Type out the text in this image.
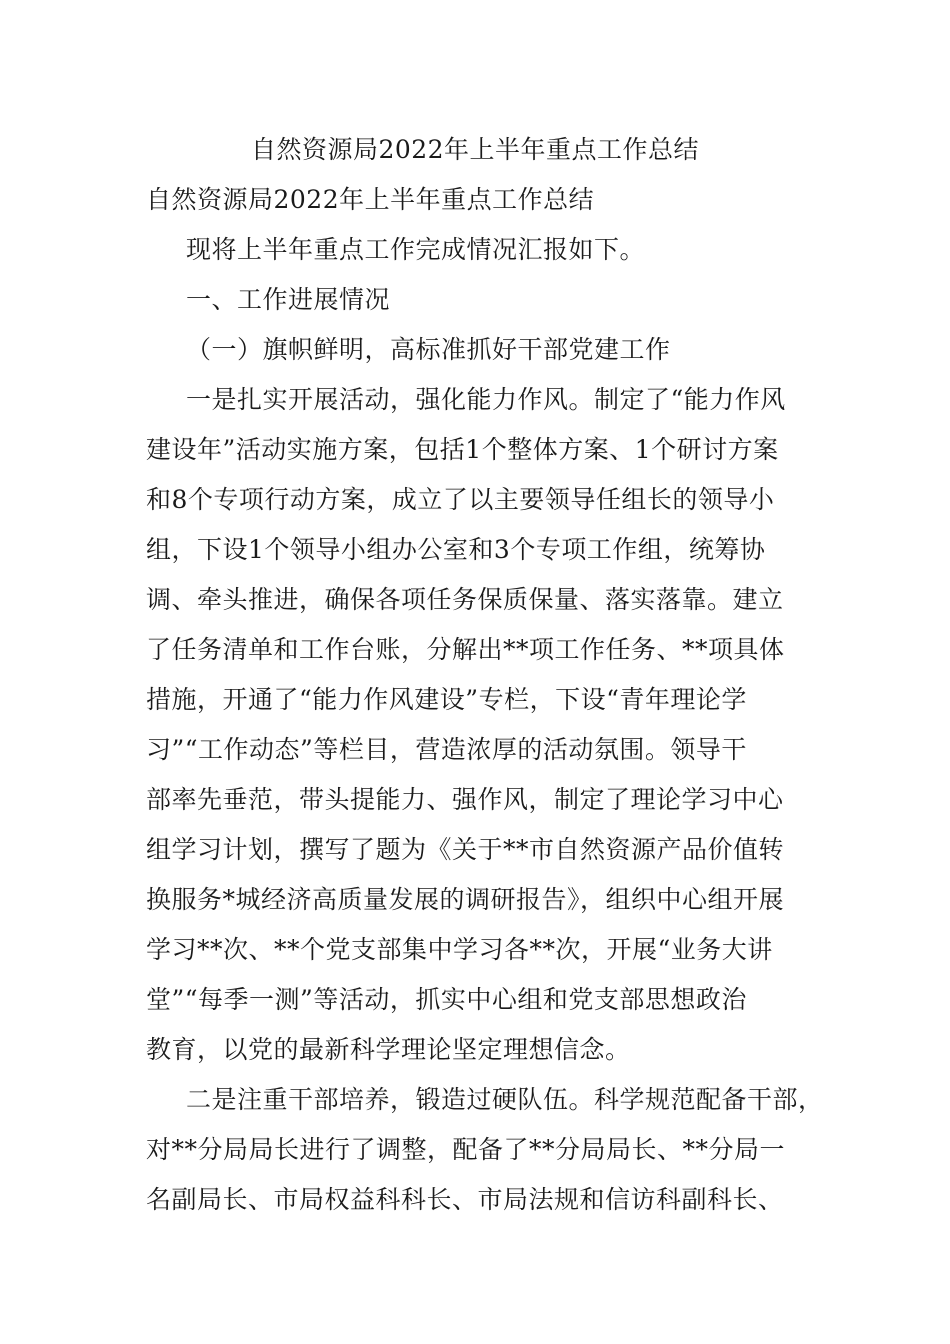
自然资源局2022年上半年重点工作总结
自然资源局2022年上半年重点工作总结
现将上半年重点工作完成情况汇报如下。
一、工作进展情况
（一）旗帜鲜明，高标准抓好干部党建工作
一是扎实开展活动，强化能力作风。制定了“能力作风
建设年”活动实施方案，包括1个整体方案、1个研讨方案
和8个专项行动方案，成立了以主要领导任组长的领导小
组，下设1个领导小组办公室和3个专项工作组，统筹协
调、牵头推进，确保各项任务保质保量、落实落靠。建立
了任务清单和工作台账，分解出**项工作任务、**项具体
措施，开通了“能力作风建设”专栏，下设“青年理论学
习”“工作动态”等栏目，营造浓厚的活动氛围。领导干
部率先垂范，带头提能力、强作风，制定了理论学习中心
组学习计划，撰写了题为《关于**市自然资源产品价值转
换服务*城经济高质量发展的调研报告》，组织中心组开展
学习**次、**个党支部集中学习各**次，开展“业务大讲
堂”“每季一测”等活动，抓实中心组和党支部思想政治
教育，以党的最新科学理论坚定理想信念。
二是注重干部培养，锻造过硬队伍。科学规范配备干部，
对**分局局长进行了调整，配备了**分局局长、**分局一
名副局长、市局权益科科长、市局法规和信访科副科长、
